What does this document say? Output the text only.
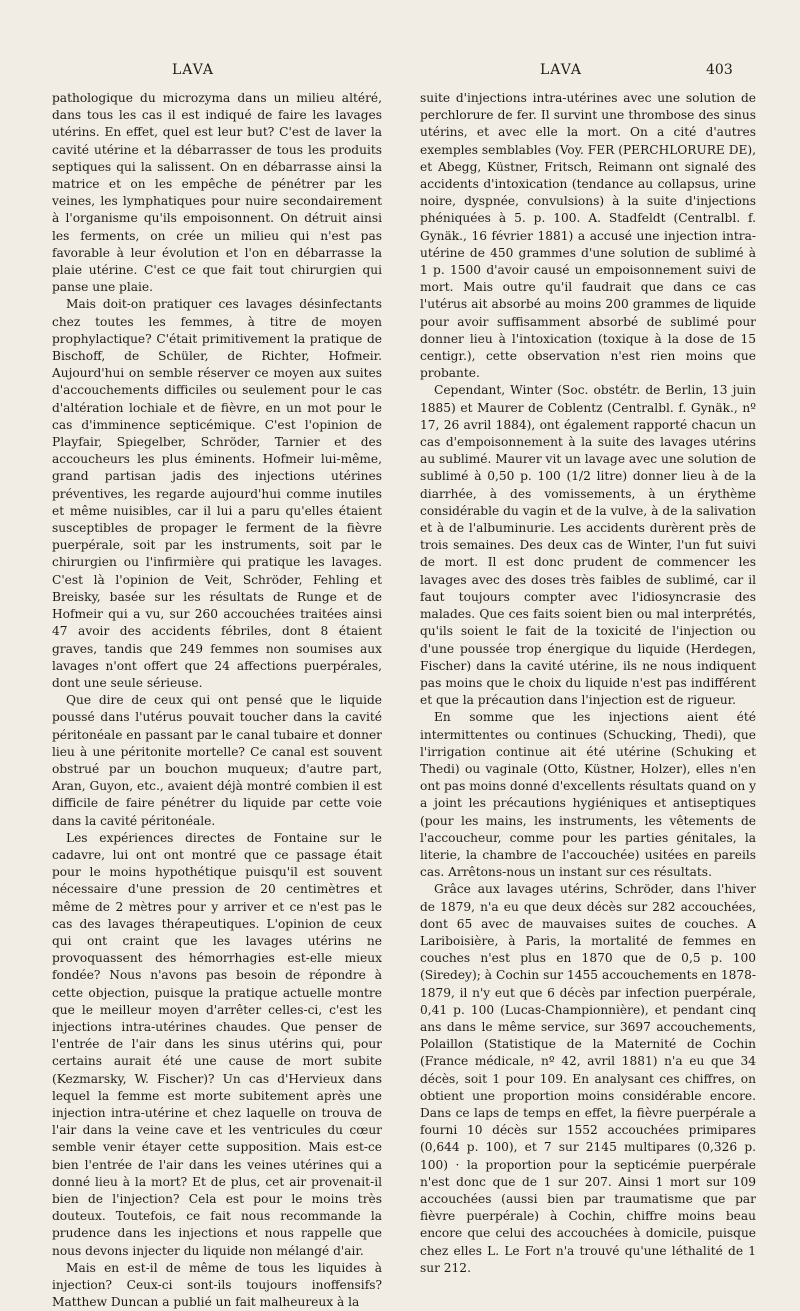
LAVA	LAVA	403

pathologique du microzyma dans un milieu altéré, dans tous les cas il est indiqué de faire les lavages utérins. En effet, quel est leur but? C'est de laver la cavité utérine et la débarrasser de tous les produits septiques qui la salissent. On en débarrasse ainsi la matrice et on les empêche de pénétrer par les veines, les lymphatiques pour nuire secondairement à l'organisme qu'ils empoisonnent. On détruit ainsi les ferments, on crée un milieu qui n'est pas favorable à leur évolution et l'on en débarrasse la plaie utérine. C'est ce que fait tout chirurgien qui panse une plaie.

Mais doit-on pratiquer ces lavages désinfectants chez toutes les femmes, à titre de moyen prophylactique? C'était primitivement la pratique de Bischoff, de Schüler, de Richter, Hofmeir. Aujourd'hui on semble réserver ce moyen aux suites d'accouchements difficiles ou seulement pour le cas d'altération lochiale et de fièvre, en un mot pour le cas d'imminence septicémique. C'est l'opinion de Playfair, Spiegelber, Schröder, Tarnier et des accoucheurs les plus éminents. Hofmeir lui-même, grand partisan jadis des injections utérines préventives, les regarde aujourd'hui comme inutiles et même nuisibles, car il lui a paru qu'elles étaient susceptibles de propager le ferment de la fièvre puerpérale, soit par les instruments, soit par le chirurgien ou l'infirmière qui pratique les lavages. C'est là l'opinion de Veit, Schröder, Fehling et Breisky, basée sur les résultats de Runge et de Hofmeir qui a vu, sur 260 accouchées traitées ainsi 47 avoir des accidents fébriles, dont 8 étaient graves, tandis que 249 femmes non soumises aux lavages n'ont offert que 24 affections puerpérales, dont une seule sérieuse.

Que dire de ceux qui ont pensé que le liquide poussé dans l'utérus pouvait toucher dans la cavité péritonéale en passant par le canal tubaire et donner lieu à une péritonite mortelle? Ce canal est souvent obstrué par un bouchon muqueux; d'autre part, Aran, Guyon, etc., avaient déjà montré combien il est difficile de faire pénétrer du liquide par cette voie dans la cavité péritonéale.

Les expériences directes de Fontaine sur le cadavre, lui ont ont montré que ce passage était pour le moins hypothétique puisqu'il est souvent nécessaire d'une pression de 20 centimètres et même de 2 mètres pour y arriver et ce n'est pas le cas des lavages thérapeutiques. L'opinion de ceux qui ont craint que les lavages utérins ne provoquassent des hémorrhagies est-elle mieux fondée? Nous n'avons pas besoin de répondre à cette objection, puisque la pratique actuelle montre que le meilleur moyen d'arrêter celles-ci, c'est les injections intra-utérines chaudes. Que penser de l'entrée de l'air dans les sinus utérins qui, pour certains aurait été une cause de mort subite (Kezmarsky, W. Fischer)? Un cas d'Hervieux dans lequel la femme est morte subitement après une injection intra-utérine et chez laquelle on trouva de l'air dans la veine cave et les ventricules du cœur semble venir étayer cette supposition. Mais est-ce bien l'entrée de l'air dans les veines utérines qui a donné lieu à la mort? Et de plus, cet air provenait-il bien de l'injection? Cela est pour le moins très douteux. Toutefois, ce fait nous recommande la prudence dans les injections et nous rappelle que nous devons injecter du liquide non mélangé d'air.

Mais en est-il de même de tous les liquides à injection? Ceux-ci sont-ils toujours inoffensifs? Matthew Duncan a publié un fait malheureux à la

suite d'injections intra-utérines avec une solution de perchlorure de fer. Il survint une thrombose des sinus utérins, et avec elle la mort. On a cité d'autres exemples semblables (Voy. FER (PERCHLORURE DE), et Abegg, Küstner, Fritsch, Reimann ont signalé des accidents d'intoxication (tendance au collapsus, urine noire, dyspnée, convulsions) à la suite d'injections phéniquées à 5. p. 100. A. Stadfeldt (Centralbl. f. Gynäk., 16 février 1881) a accusé une injection intra-utérine de 450 grammes d'une solution de sublimé à 1 p. 1500 d'avoir causé un empoisonnement suivi de mort. Mais outre qu'il faudrait que dans ce cas l'utérus ait absorbé au moins 200 grammes de liquide pour avoir suffisamment absorbé de sublimé pour donner lieu à l'intoxication (toxique à la dose de 15 centigr.), cette observation n'est rien moins que probante.

Cependant, Winter (Soc. obstétr. de Berlin, 13 juin 1885) et Maurer de Coblentz (Centralbl. f. Gynäk., nº 17, 26 avril 1884), ont également rapporté chacun un cas d'empoisonnement à la suite des lavages utérins au sublimé. Maurer vit un lavage avec une solution de sublimé à 0,50 p. 100 (1/2 litre) donner lieu à de la diarrhée, à des vomissements, à un érythème considérable du vagin et de la vulve, à de la salivation et à de l'albuminurie. Les accidents durèrent près de trois semaines. Des deux cas de Winter, l'un fut suivi de mort. Il est donc prudent de commencer les lavages avec des doses très faibles de sublimé, car il faut toujours compter avec l'idiosyncrasie des malades. Que ces faits soient bien ou mal interprétés, qu'ils soient le fait de la toxicité de l'injection ou d'une poussée trop énergique du liquide (Herdegen, Fischer) dans la cavité utérine, ils ne nous indiquent pas moins que le choix du liquide n'est pas indifférent et que la précaution dans l'injection est de rigueur.

En somme que les injections aient été intermittentes ou continues (Schucking, Thedi), que l'irrigation continue ait été utérine (Schuking et Thedi) ou vaginale (Otto, Küstner, Holzer), elles n'en ont pas moins donné d'excellents résultats quand on y a joint les précautions hygiéniques et antiseptiques (pour les mains, les instruments, les vêtements de l'accoucheur, comme pour les parties génitales, la literie, la chambre de l'accouchée) usitées en pareils cas. Arrêtons-nous un instant sur ces résultats.

Grâce aux lavages utérins, Schröder, dans l'hiver de 1879, n'a eu que deux décès sur 282 accouchées, dont 65 avec de mauvaises suites de couches. A Lariboisière, à Paris, la mortalité de femmes en couches n'est plus en 1870 que de 0,5 p. 100 (Siredey); à Cochin sur 1455 accouchements en 1878-1879, il n'y eut que 6 décès par infection puerpérale, 0,41 p. 100 (Lucas-Championnière), et pendant cinq ans dans le même service, sur 3697 accouchements, Polaillon (Statistique de la Maternité de Cochin (France médicale, nº 42, avril 1881) n'a eu que 34 décès, soit 1 pour 109. En analysant ces chiffres, on obtient une proportion moins considérable encore. Dans ce laps de temps en effet, la fièvre puerpérale a fourni 10 décès sur 1552 accouchées primipares (0,644 p. 100), et 7 sur 2145 multipares (0,326 p. 100) · la proportion pour la septicémie puerpérale n'est donc que de 1 sur 207. Ainsi 1 mort sur 109 accouchées (aussi bien par traumatisme que par fièvre puerpérale) à Cochin, chiffre moins beau encore que celui des accouchées à domicile, puisque chez elles L. Le Fort n'a trouvé qu'une léthalité de 1 sur 212.
